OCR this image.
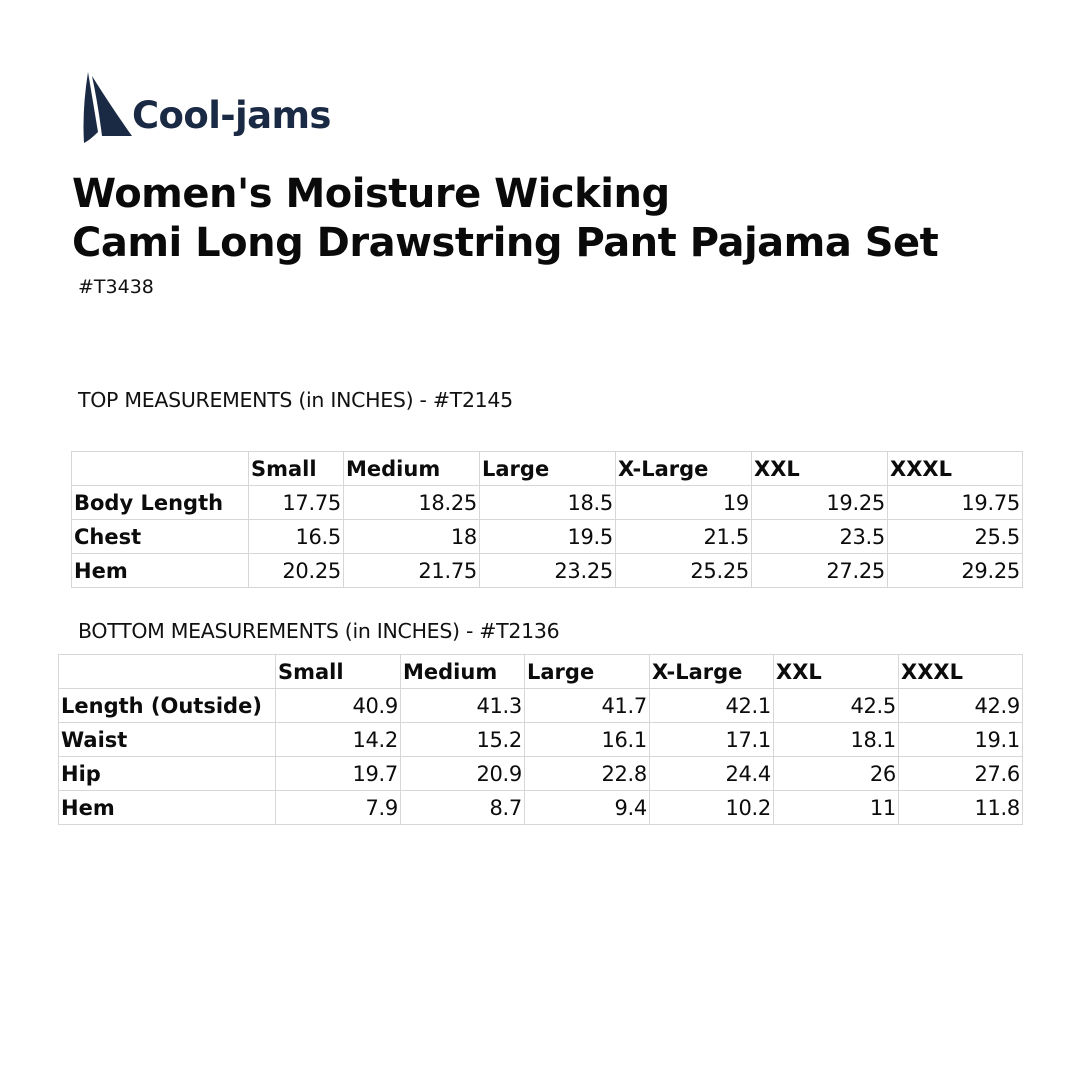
Cool-jams
Women's Moisture Wicking
Cami Long Drawstring Pant Pajama Set
#T3438
TOP MEASUREMENTS (in INCHES) - #T2145
	Small	Medium	Large	X-Large	XXL	XXXL
Body Length	17.75	18.25	18.5	19	19.25	19.75
Chest	16.5	18	19.5	21.5	23.5	25.5
Hem	20.25	21.75	23.25	25.25	27.25	29.25
BOTTOM MEASUREMENTS (in INCHES) - #T2136
	Small	Medium	Large	X-Large	XXL	XXXL
Length (Outside)	40.9	41.3	41.7	42.1	42.5	42.9
Waist	14.2	15.2	16.1	17.1	18.1	19.1
Hip	19.7	20.9	22.8	24.4	26	27.6
Hem	7.9	8.7	9.4	10.2	11	11.8
